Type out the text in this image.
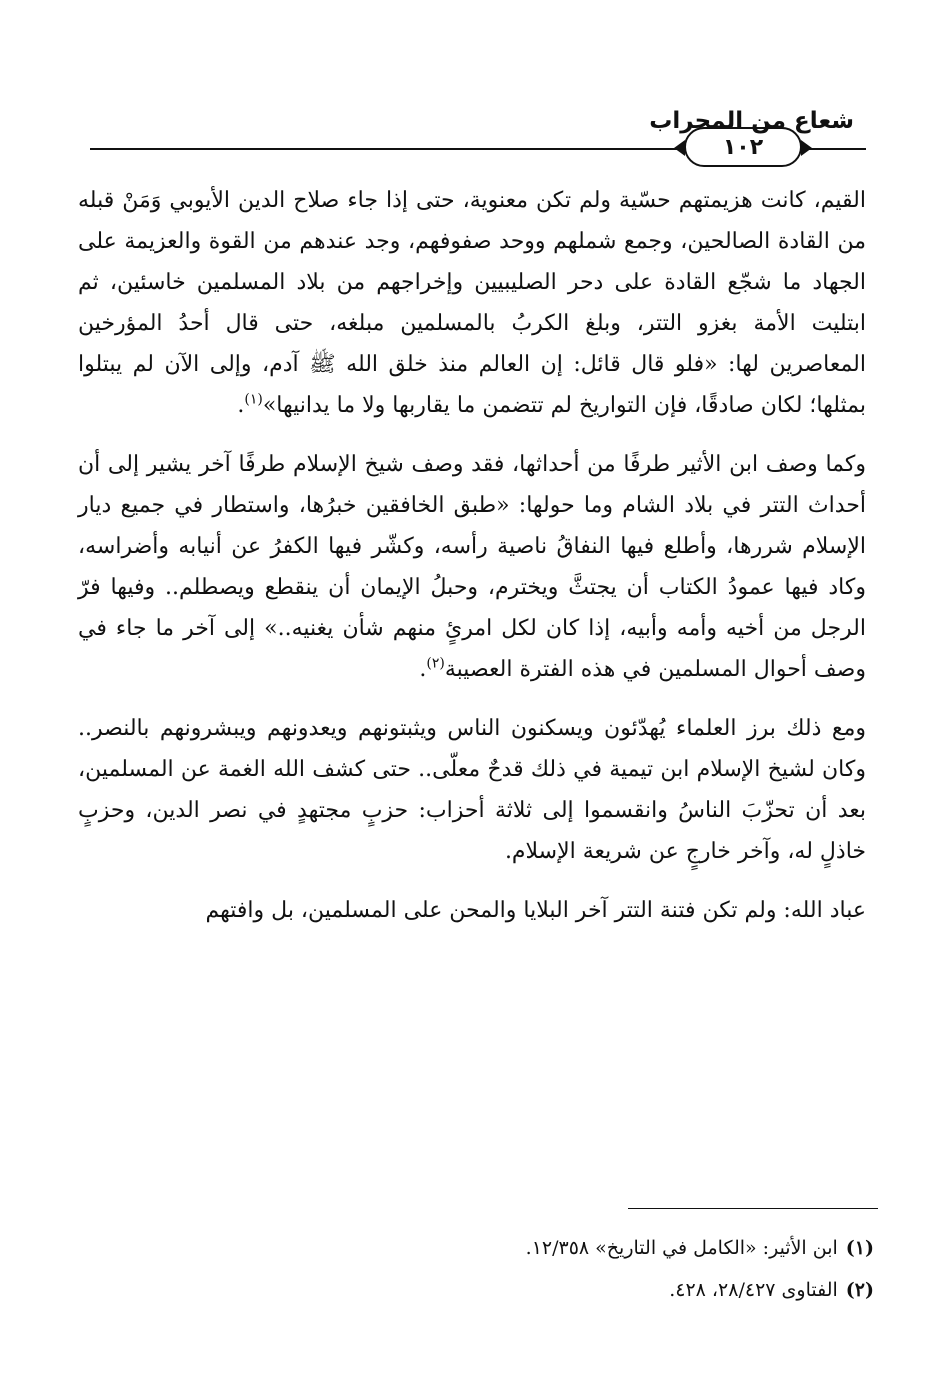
شعاع من المحراب
١٠٢

القيم، كانت هزيمتهم حسّية ولم تكن معنوية، حتى إذا جاء صلاح الدين الأيوبي وَمَنْ قبله من القادة الصالحين، وجمع شملهم ووحد صفوفهم، وجد عندهم من القوة والعزيمة على الجهاد ما شجّع القادة على دحر الصليبيين وإخراجهم من بلاد المسلمين خاسئين، ثم ابتليت الأمة بغزو التتر، وبلغ الكربُ بالمسلمين مبلغه، حتى قال أحدُ المؤرخين المعاصرين لها: «فلو قال قائل: إن العالم منذ خلق الله ﷺ آدم، وإلى الآن لم يبتلوا بمثلها؛ لكان صادقًا، فإن التواريخ لم تتضمن ما يقاربها ولا ما يدانيها»$^{(١)}$.

وكما وصف ابن الأثير طرفًا من أحداثها، فقد وصف شيخ الإسلام طرفًا آخر يشير إلى أن أحداث التتر في بلاد الشام وما حولها: «طبق الخافقين خبرُها، واستطار في جميع ديار الإسلام شررها، وأطلع فيها النفاقُ ناصية رأسه، وكشّر فيها الكفرُ عن أنيابه وأضراسه، وكاد فيها عمودُ الكتاب أن يجتثَّ ويخترم، وحبلُ الإيمان أن ينقطع ويصطلم.. وفيها فرّ الرجل من أخيه وأمه وأبيه، إذا كان لكل امرئٍ منهم شأن يغنيه..» إلى آخر ما جاء في وصف أحوال المسلمين في هذه الفترة العصيبة$^{(٢)}$.

ومع ذلك برز العلماء يُهدّئون ويسكنون الناس ويثبتونهم ويعدونهم ويبشرونهم بالنصر.. وكان لشيخ الإسلام ابن تيمية في ذلك قدحٌ معلّى.. حتى كشف الله الغمة عن المسلمين، بعد أن تحزّبَ الناسُ وانقسموا إلى ثلاثة أحزاب: حزبٍ مجتهدٍ في نصر الدين، وحزبٍ خاذلٍ له، وآخر خارجٍ عن شريعة الإسلام.

عباد الله: ولم تكن فتنة التتر آخر البلايا والمحن على المسلمين، بل وافتهم

(١)ابن الأثير: «الكامل في التاريخ» ١٢/٣٥٨.
(٢)الفتاوى ٢٨/٤٢٧، ٤٢٨.
